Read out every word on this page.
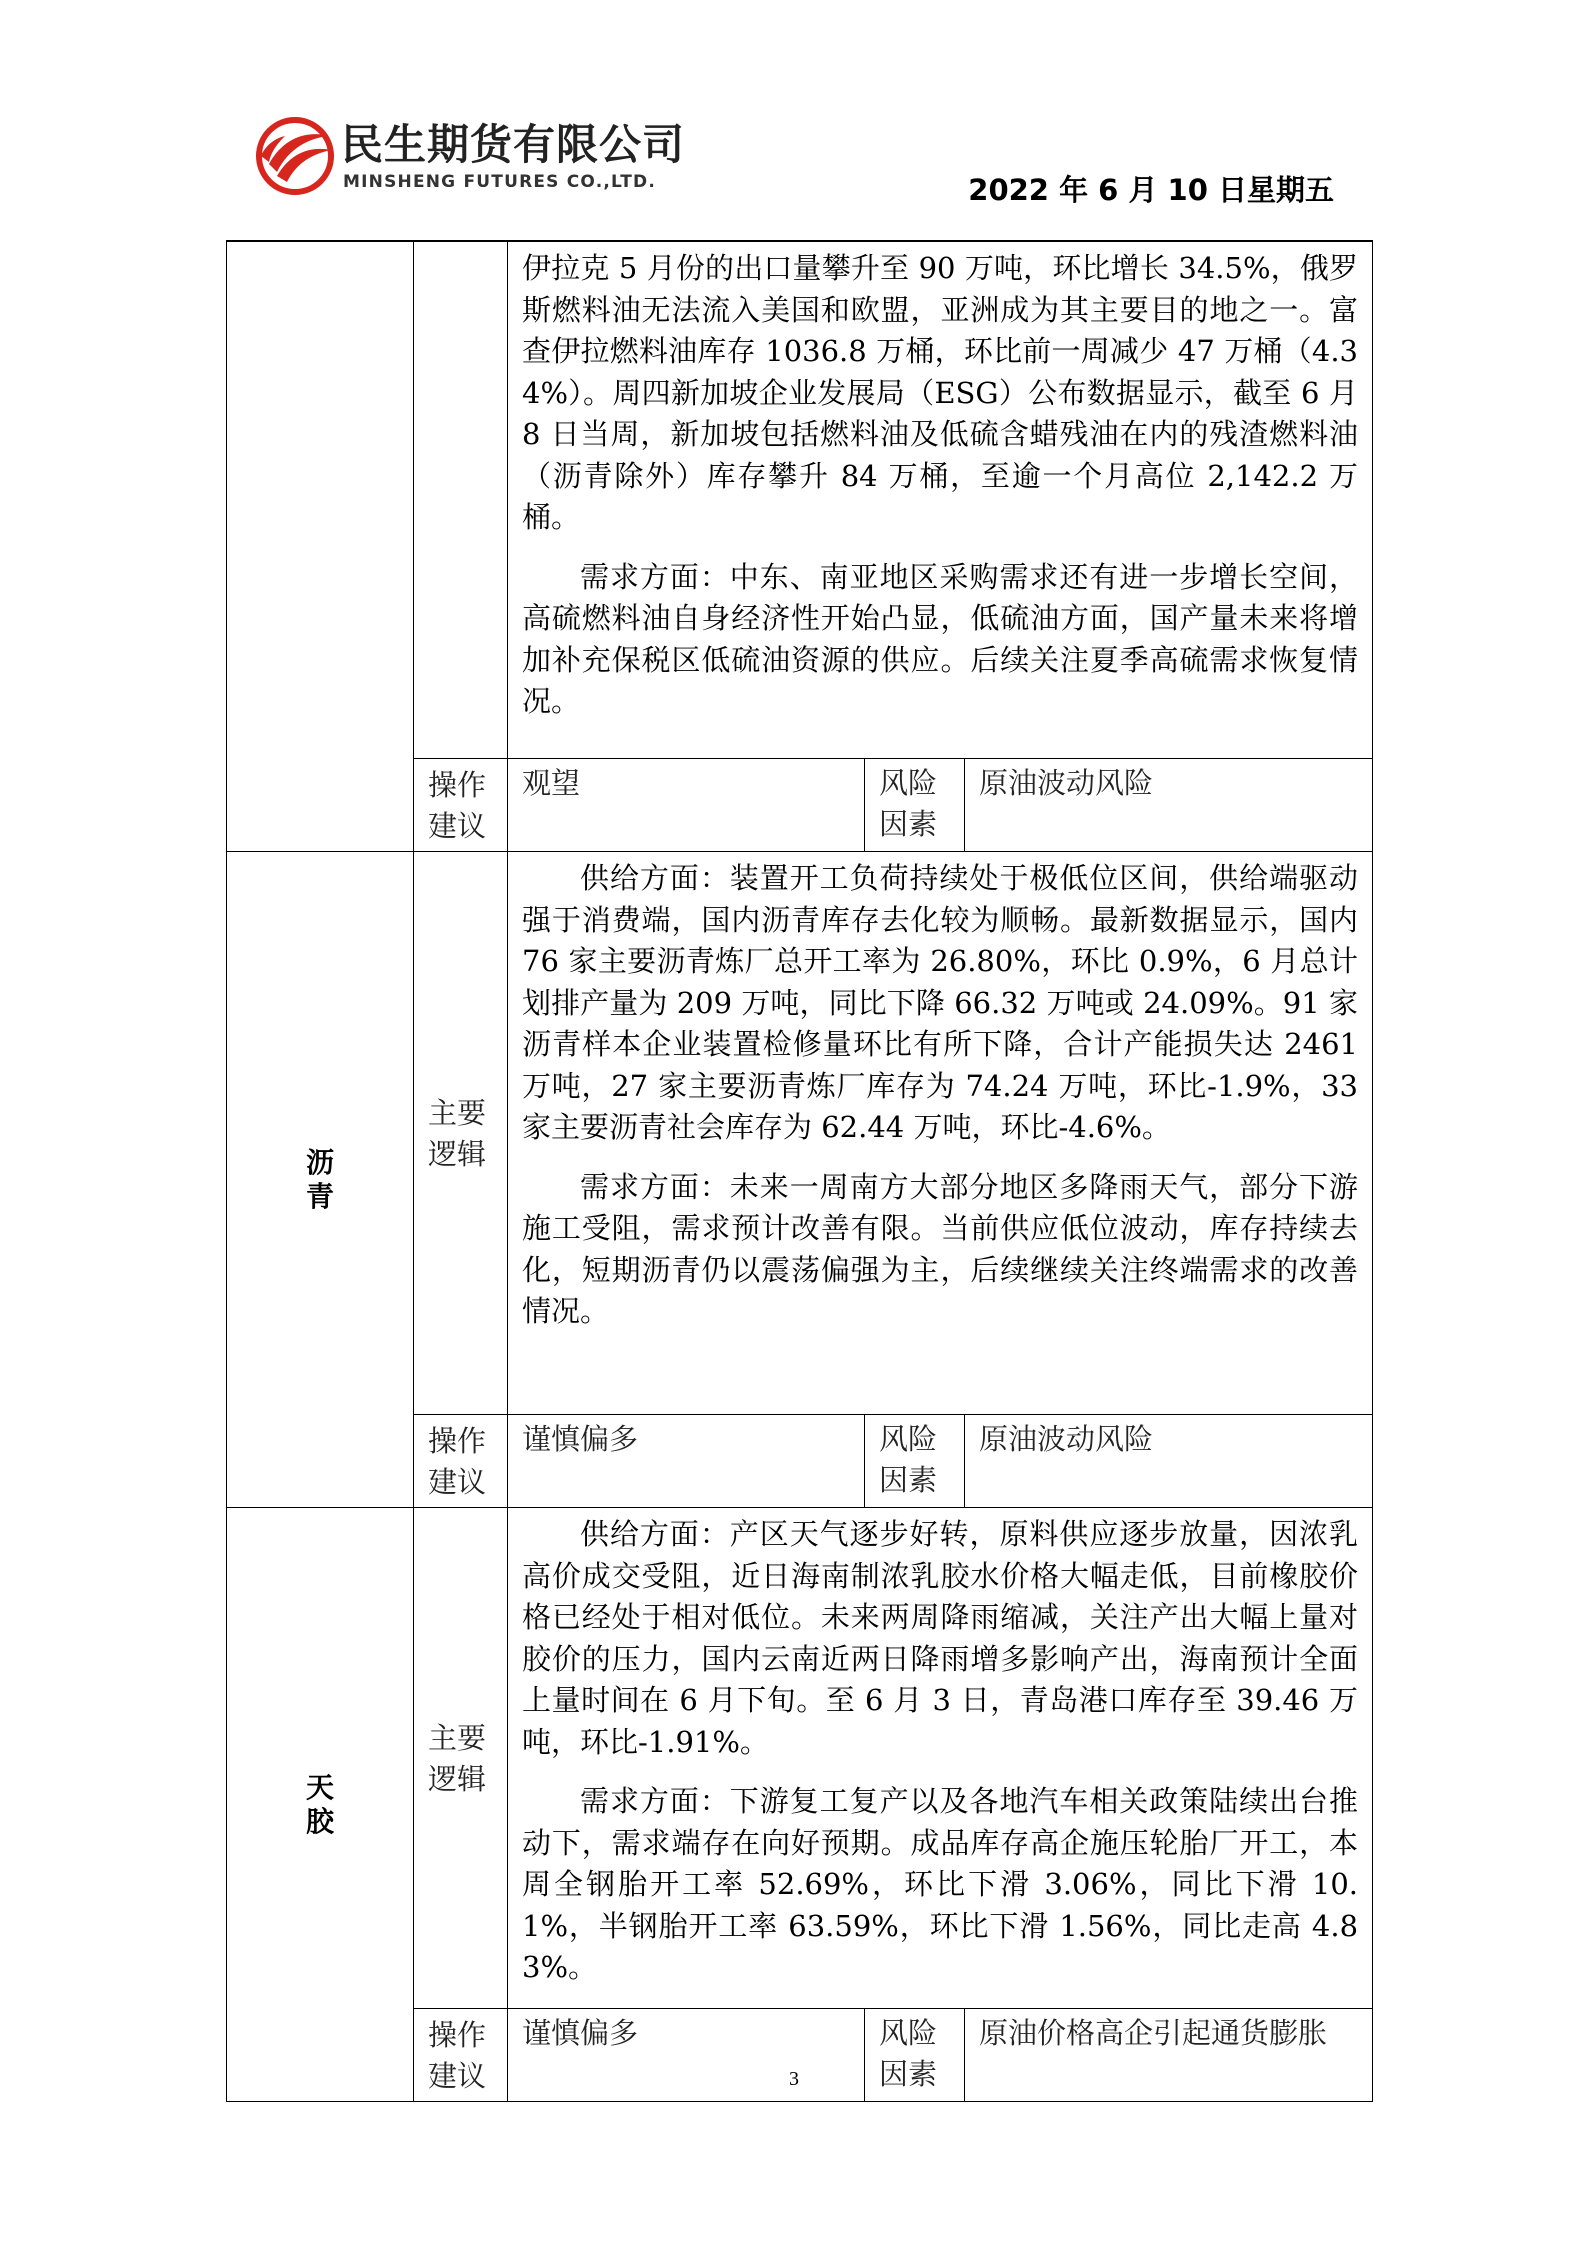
民生期货有限公司
MINSHENG FUTURES CO.,LTD.	2022 年 6 月 10 日星期五

		伊拉克 5 月份的出口量攀升至 90 万吨，环比增长 34.5%，俄罗斯燃料油无法流入美国和欧盟，亚洲成为其主要目的地之一。富查伊拉燃料油库存 1036.8 万桶，环比前一周减少 47 万桶（4.34%）。周四新加坡企业发展局（ESG）公布数据显示，截至 6 月 8 日当周，新加坡包括燃料油及低硫含蜡残油在内的残渣燃料油（沥青除外）库存攀升 84 万桶，至逾一个月高位 2,142.2 万桶。

需求方面：中东、南亚地区采购需求还有进一步增长空间，高硫燃料油自身经济性开始凸显，低硫油方面，国产量未来将增加补充保税区低硫油资源的供应。后续关注夏季高硫需求恢复情况。		

	操作建议	观望	风险因素	原油波动风险
沥青	主要逻辑	供给方面：装置开工负荷持续处于极低位区间，供给端驱动强于消费端，国内沥青库存去化较为顺畅。最新数据显示，国内 76 家主要沥青炼厂总开工率为 26.80%，环比 0.9%，6 月总计划排产量为 209 万吨，同比下降 66.32 万吨或 24.09%。91 家沥青样本企业装置检修量环比有所下降，合计产能损失达 2461 万吨，27 家主要沥青炼厂库存为 74.24 万吨，环比-1.9%，33 家主要沥青社会库存为 62.44 万吨，环比-4.6%。

需求方面：未来一周南方大部分地区多降雨天气，部分下游施工受阻，需求预计改善有限。当前供应低位波动，库存持续去化，短期沥青仍以震荡偏强为主，后续继续关注终端需求的改善情况。		

	操作建议	谨慎偏多	风险因素	原油波动风险
天胶	主要逻辑	供给方面：产区天气逐步好转，原料供应逐步放量，因浓乳高价成交受阻，近日海南制浓乳胶水价格大幅走低，目前橡胶价格已经处于相对低位。未来两周降雨缩减，关注产出大幅上量对胶价的压力，国内云南近两日降雨增多影响产出，海南预计全面上量时间在 6 月下旬。至 6 月 3 日，青岛港口库存至 39.46 万吨，环比-1.91%。

需求方面：下游复工复产以及各地汽车相关政策陆续出台推动下，需求端存在向好预期。成品库存高企施压轮胎厂开工，本周全钢胎开工率 52.69%，环比下滑 3.06%，同比下滑 10.1%，半钢胎开工率 63.59%，环比下滑 1.56%，同比走高 4.83%。		

	操作建议	谨慎偏多	风险因素	原油价格高企引起通货膨胀
3
